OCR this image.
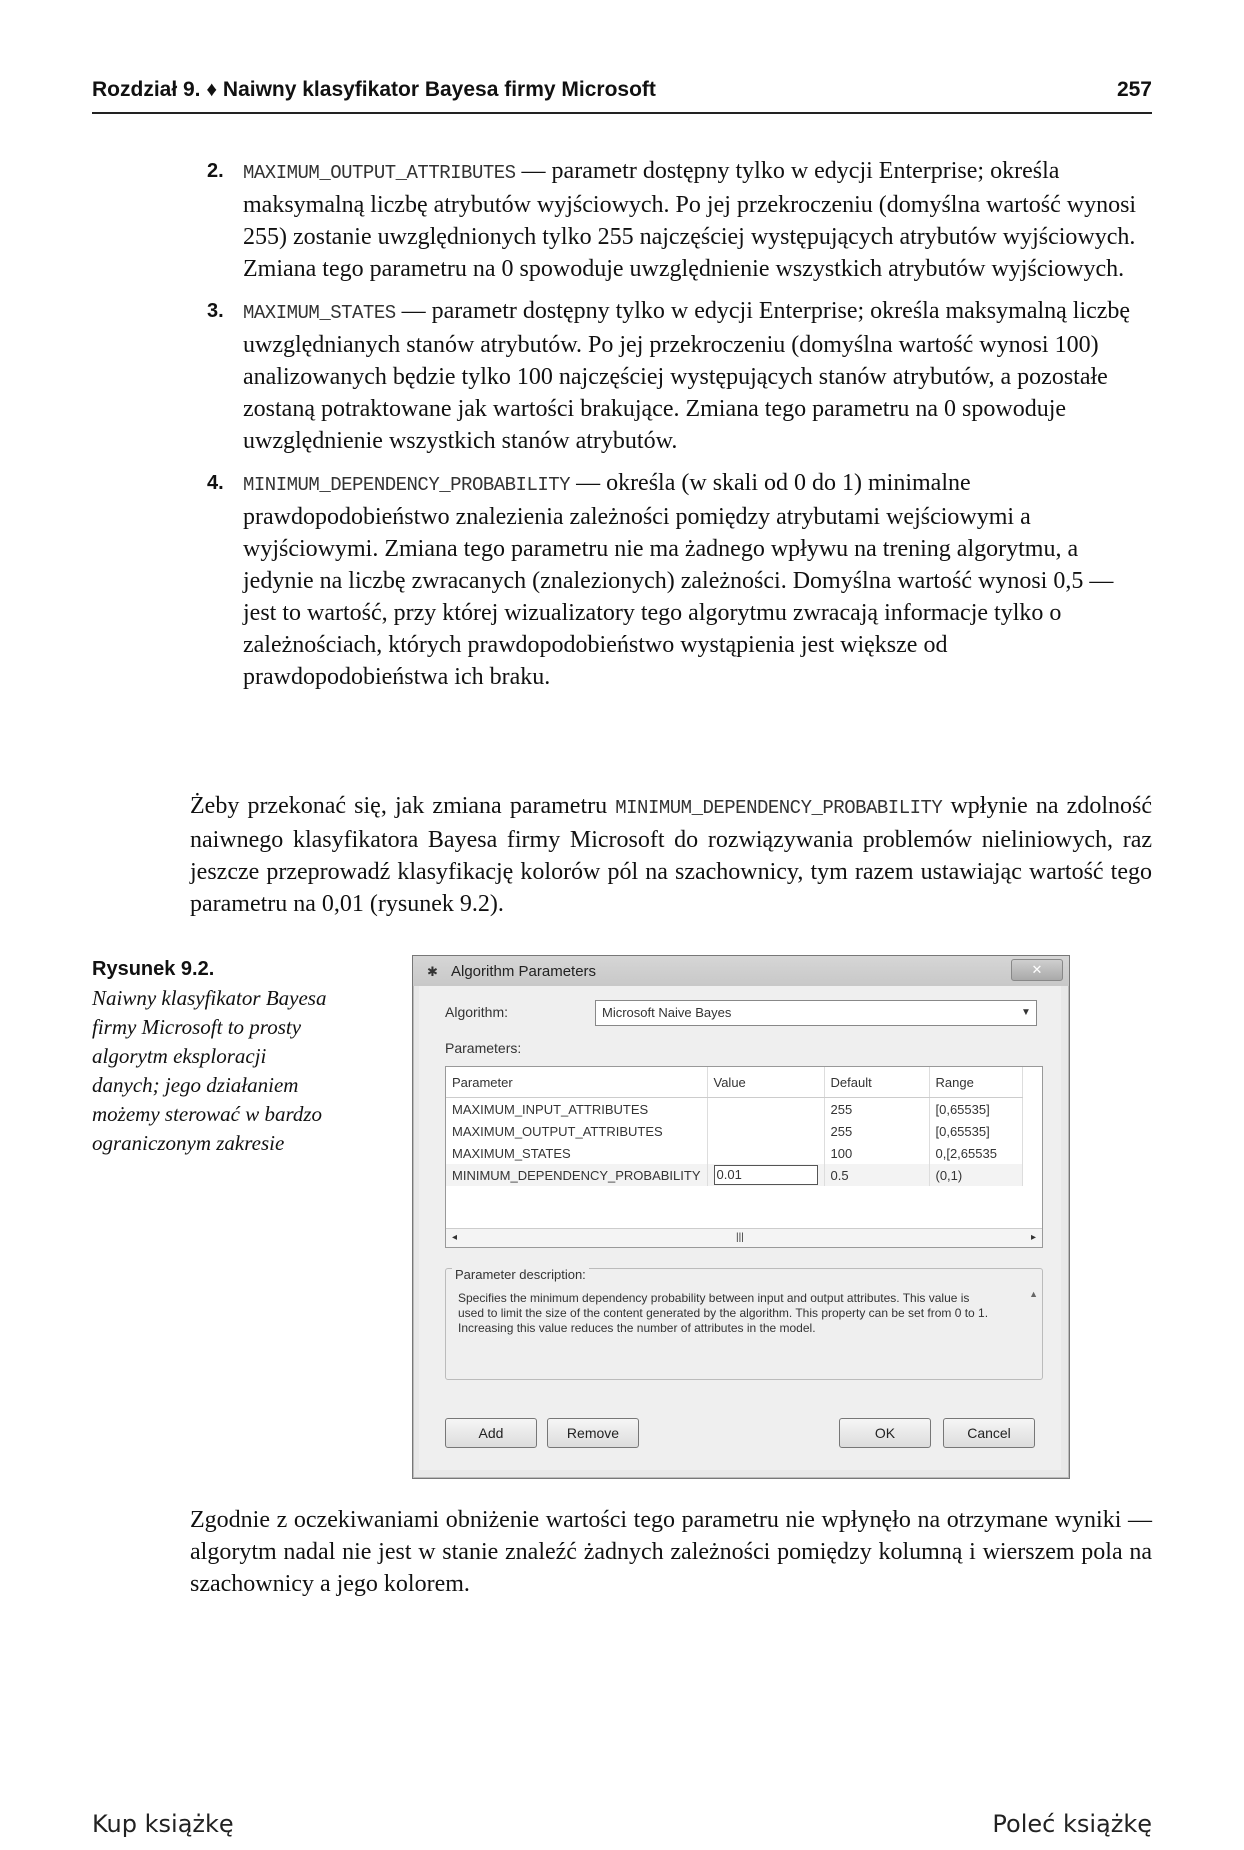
Rozdział 9. ♦ Naiwny klasyfikator Bayesa firmy Microsoft	257
2. MAXIMUM_OUTPUT_ATTRIBUTES — parametr dostępny tylko w edycji Enterprise; określa maksymalną liczbę atrybutów wyjściowych. Po jej przekroczeniu (domyślna wartość wynosi 255) zostanie uwzględnionych tylko 255 najczęściej występujących atrybutów wyjściowych. Zmiana tego parametru na 0 spowoduje uwzględnienie wszystkich atrybutów wyjściowych.
3. MAXIMUM_STATES — parametr dostępny tylko w edycji Enterprise; określa maksymalną liczbę uwzględnianych stanów atrybutów. Po jej przekroczeniu (domyślna wartość wynosi 100) analizowanych będzie tylko 100 najczęściej występujących stanów atrybutów, a pozostałe zostaną potraktowane jak wartości brakujące. Zmiana tego parametru na 0 spowoduje uwzględnienie wszystkich stanów atrybutów.
4. MINIMUM_DEPENDENCY_PROBABILITY — określa (w skali od 0 do 1) minimalne prawdopodobieństwo znalezienia zależności pomiędzy atrybutami wejściowymi a wyjściowymi. Zmiana tego parametru nie ma żadnego wpływu na trening algorytmu, a jedynie na liczbę zwracanych (znalezionych) zależności. Domyślna wartość wynosi 0,5 — jest to wartość, przy której wizualizatory tego algorytmu zwracają informacje tylko o zależnościach, których prawdopodobieństwo wystąpienia jest większe od prawdopodobieństwa ich braku.
Żeby przekonać się, jak zmiana parametru MINIMUM_DEPENDENCY_PROBABILITY wpłynie na zdolność naiwnego klasyfikatora Bayesa firmy Microsoft do rozwiązywania problemów nieliniowych, raz jeszcze przeprowadź klasyfikację kolorów pól na szachownicy, tym razem ustawiając wartość tego parametru na 0,01 (rysunek 9.2).
Rysunek 9.2.
Naiwny klasyfikator Bayesa firmy Microsoft to prosty algorytm eksploracji danych; jego działaniem możemy sterować w bardzo ograniczonym zakresie
✱ Algorithm Parameters	✕
Algorithm:	Microsoft Naive Bayes	▼
Parameters:
Parameter	Value	Default	Range
MAXIMUM_INPUT_ATTRIBUTES		255	[0,65535]
MAXIMUM_OUTPUT_ATTRIBUTES		255	[0,65535]
MAXIMUM_STATES		100	0,[2,65535
MINIMUM_DEPENDENCY_PROBABILITY	0.01	0.5	(0,1)
◂	|||	▸
Parameter description:
Specifies the minimum dependency probability between input and output attributes. This value is used to limit the size of the content generated by the algorithm. This property can be set from 0 to 1. Increasing this value reduces the number of attributes in the model.
▲
Add	Remove	OK	Cancel
Zgodnie z oczekiwaniami obniżenie wartości tego parametru nie wpłynęło na otrzymane wyniki — algorytm nadal nie jest w stanie znaleźć żadnych zależności pomiędzy kolumną i wierszem pola na szachownicy a jego kolorem.
Kup książkę	Poleć książkę
